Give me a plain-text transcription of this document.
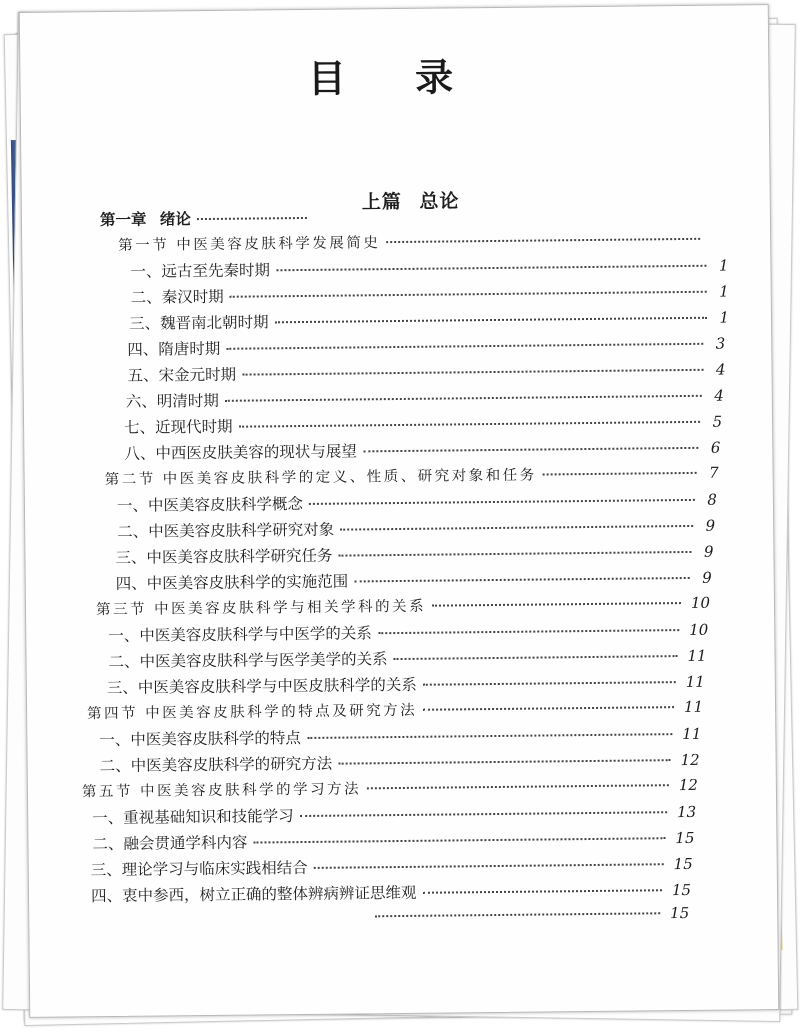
目 录
上篇 总论
第一章 绪论
第一节 中医美容皮肤科学发展简史
一、远古至先秦时期	1
二、秦汉时期	1
三、魏晋南北朝时期	1
四、隋唐时期	3
五、宋金元时期	4
六、明清时期	4
七、近现代时期	5
八、中西医皮肤美容的现状与展望	6
第二节 中医美容皮肤科学的定义、性质、研究对象和任务	7
一、中医美容皮肤科学概念	8
二、中医美容皮肤科学研究对象	9
三、中医美容皮肤科学研究任务	9
四、中医美容皮肤科学的实施范围	9
第三节 中医美容皮肤科学与相关学科的关系	10
一、中医美容皮肤科学与中医学的关系	10
二、中医美容皮肤科学与医学美学的关系	11
三、中医美容皮肤科学与中医皮肤科学的关系	11
第四节 中医美容皮肤科学的特点及研究方法	11
一、中医美容皮肤科学的特点	11
二、中医美容皮肤科学的研究方法	12
第五节 中医美容皮肤科学的学习方法	12
一、重视基础知识和技能学习	13
二、融会贯通学科内容	15
三、理论学习与临床实践相结合	15
四、衷中参西，树立正确的整体辨病辨证思维观	15
15
